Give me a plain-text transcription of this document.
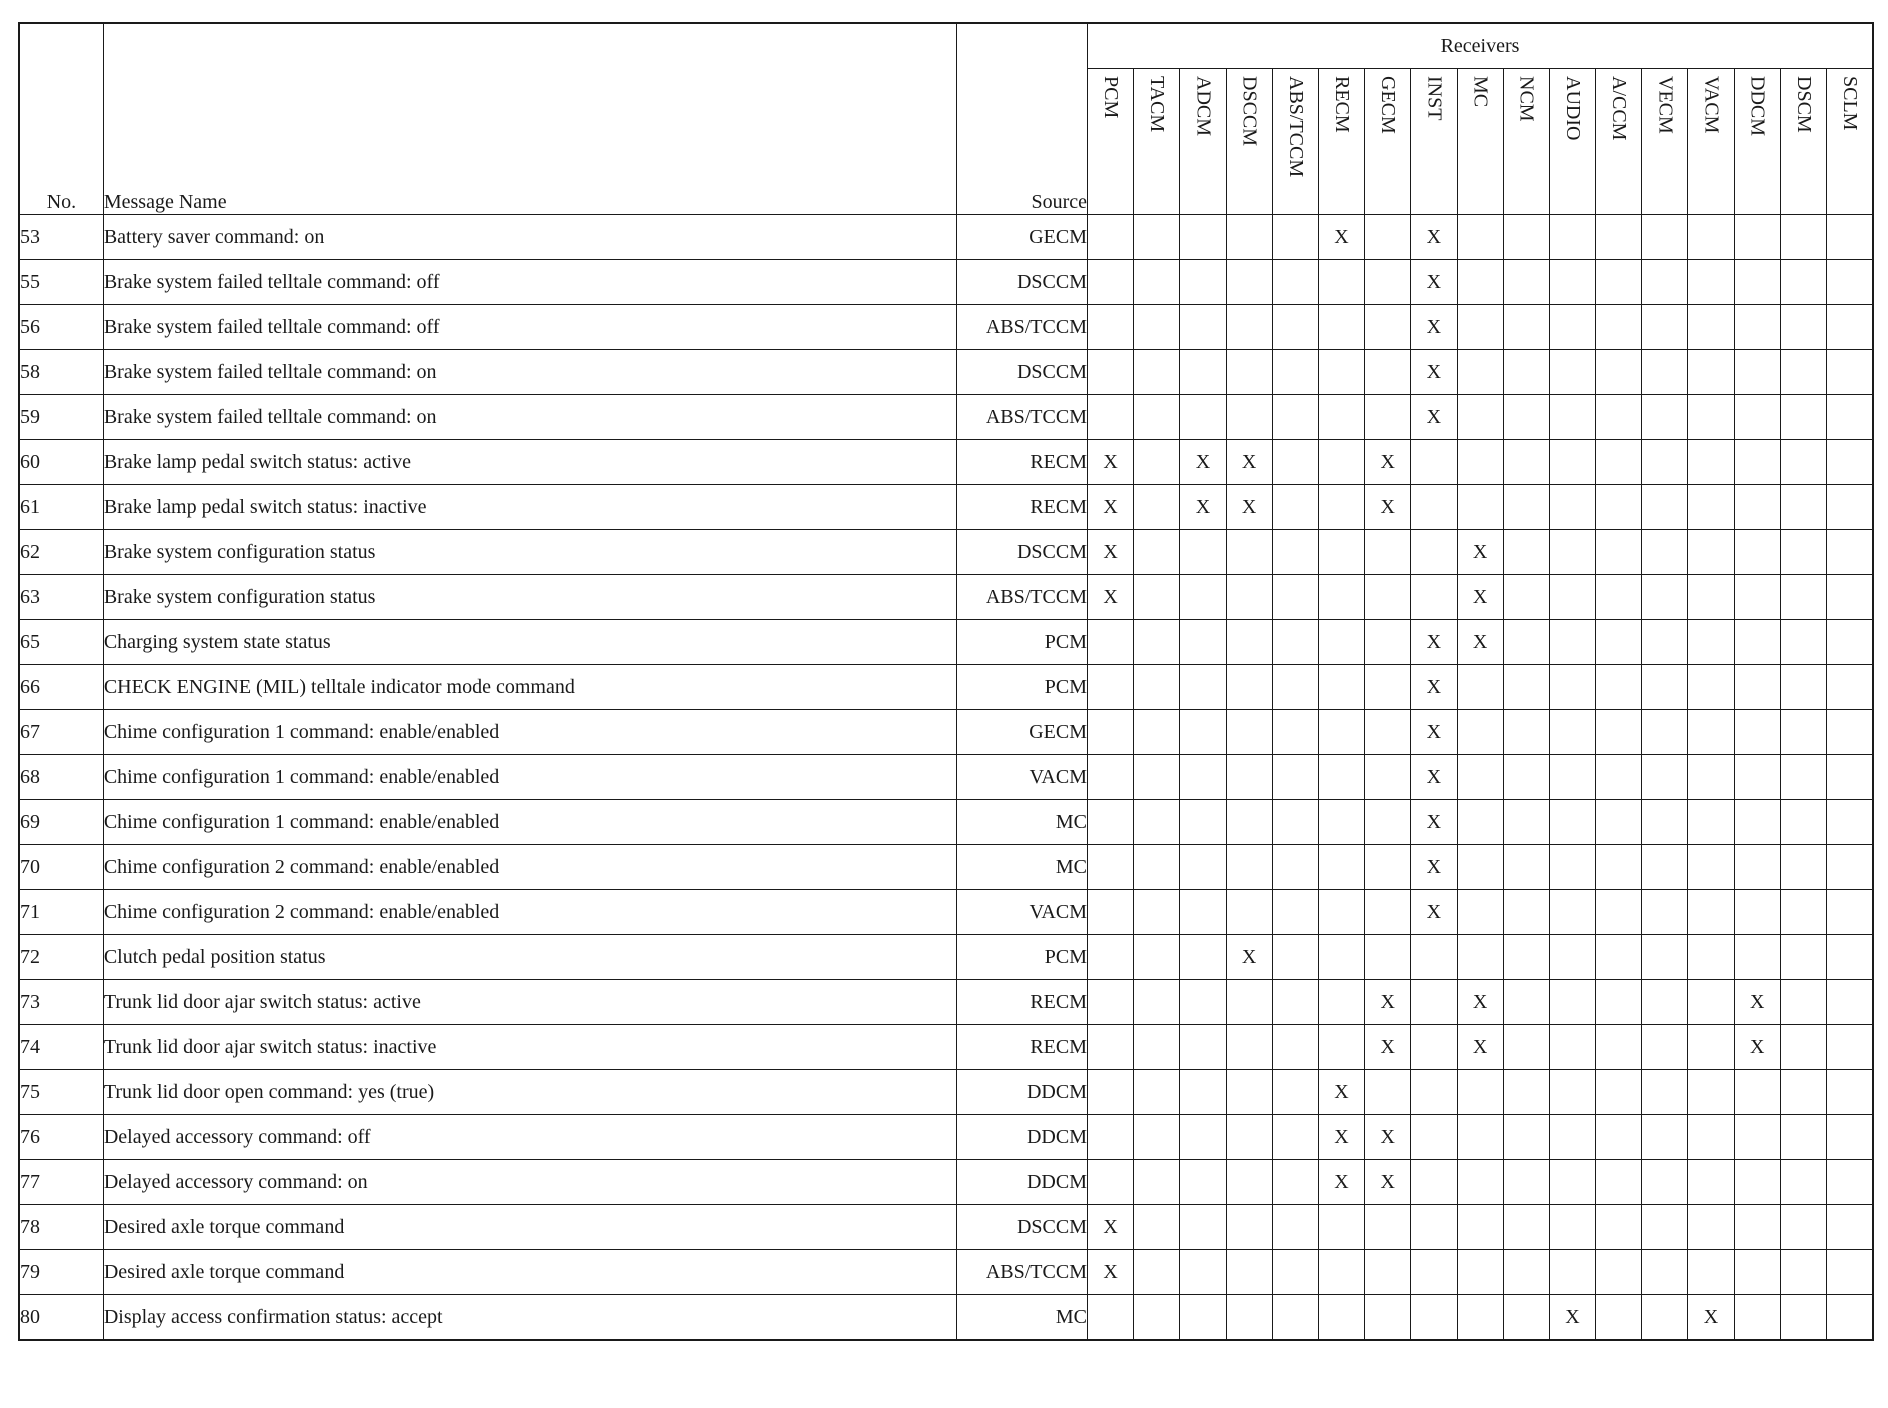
No.	Message Name	Source	Receivers																
			PCM	TACM	ADCM	DSCCM	ABS/TCCM	RECM	GECM	INST	MC	NCM	AUDIO	A/CCM	VECM	VACM	DDCM	DSCM	SCLM
53	Battery saver command: on	GECM						X		X									
55	Brake system failed telltale command: off	DSCCM								X									
56	Brake system failed telltale command: off	ABS/TCCM								X									
58	Brake system failed telltale command: on	DSCCM								X									
59	Brake system failed telltale command: on	ABS/TCCM								X									
60	Brake lamp pedal switch status: active	RECM	X		X	X			X										
61	Brake lamp pedal switch status: inactive	RECM	X		X	X			X										
62	Brake system configuration status	DSCCM	X								X								
63	Brake system configuration status	ABS/TCCM	X								X								
65	Charging system state status	PCM								X	X								
66	CHECK ENGINE (MIL) telltale indicator mode command	PCM								X									
67	Chime configuration 1 command: enable/enabled	GECM								X									
68	Chime configuration 1 command: enable/enabled	VACM								X									
69	Chime configuration 1 command: enable/enabled	MC								X									
70	Chime configuration 2 command: enable/enabled	MC								X									
71	Chime configuration 2 command: enable/enabled	VACM								X									
72	Clutch pedal position status	PCM				X													
73	Trunk lid door ajar switch status: active	RECM							X		X						X		
74	Trunk lid door ajar switch status: inactive	RECM							X		X						X		
75	Trunk lid door open command: yes (true)	DDCM						X											
76	Delayed accessory command: off	DDCM						X	X										
77	Delayed accessory command: on	DDCM						X	X										
78	Desired axle torque command	DSCCM	X																
79	Desired axle torque command	ABS/TCCM	X																
80	Display access confirmation status: accept	MC											X			X			
